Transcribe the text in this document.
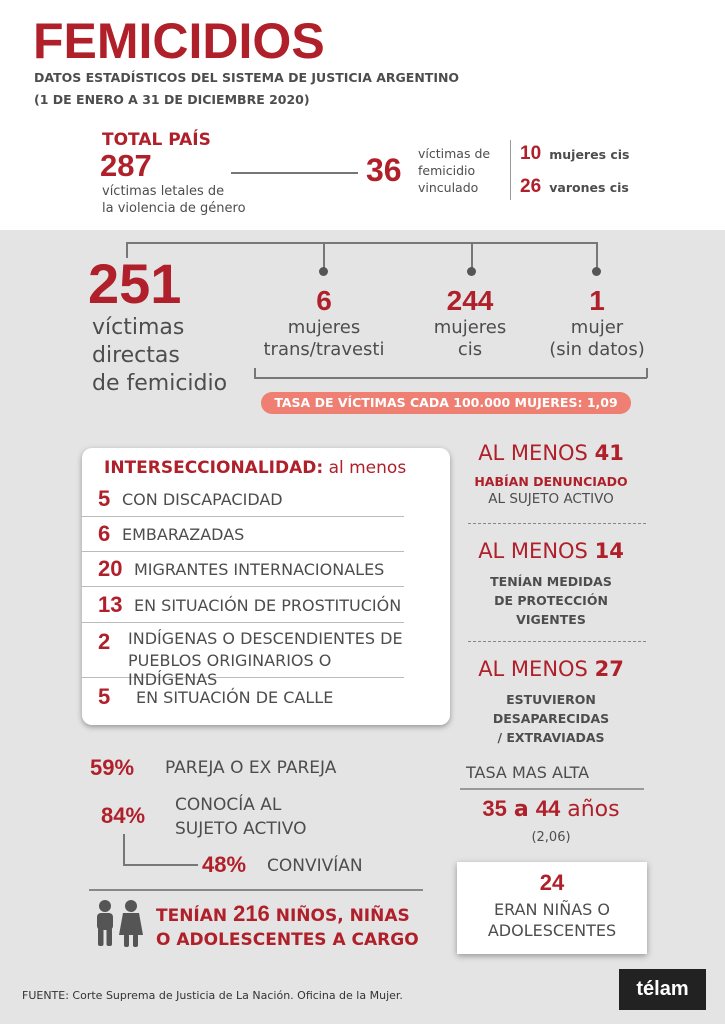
FEMICIDIOS
DATOS ESTADÍSTICOS DEL SISTEMA DE JUSTICIA ARGENTINO
(1 DE ENERO A 31 DE DICIEMBRE 2020)
TOTAL PAÍS
287
víctimas letales de
la violencia de género
36 víctimas de
femicidio
vinculado
10 mujeres cis
26 varones cis
251
víctimas
directas
de femicidio
6
mujeres
trans/travesti
244
mujeres
cis
1
mujer
(sin datos)
TASA DE VÍCTIMAS CADA 100.000 MUJERES: 1,09
INTERSECCIONALIDAD: al menos
5 CON DISCAPACIDAD
6 EMBARAZADAS
20 MIGRANTES INTERNACIONALES
13 EN SITUACIÓN DE PROSTITUCIÓN
2 INDÍGENAS O DESCENDIENTES DE
PUEBLOS ORIGINARIOS O INDÍGENAS
5 EN SITUACIÓN DE CALLE
AL MENOS 41
HABÍAN DENUNCIADO
AL SUJETO ACTIVO
AL MENOS 14
TENÍAN MEDIDAS
DE PROTECCIÓN
VIGENTES
AL MENOS 27
ESTUVIERON
DESAPARECIDAS
/ EXTRAVIADAS
59% PAREJA O EX PAREJA
84% CONOCÍA AL
SUJETO ACTIVO
48% CONVIVÍAN
TENÍAN 216 NIÑOS, NIÑAS
O ADOLESCENTES A CARGO
TASA MAS ALTA
35 a 44 años
(2,06)
24
ERAN NIÑAS O
ADOLESCENTES
FUENTE: Corte Suprema de Justicia de La Nación. Oficina de la Mujer.	télam
